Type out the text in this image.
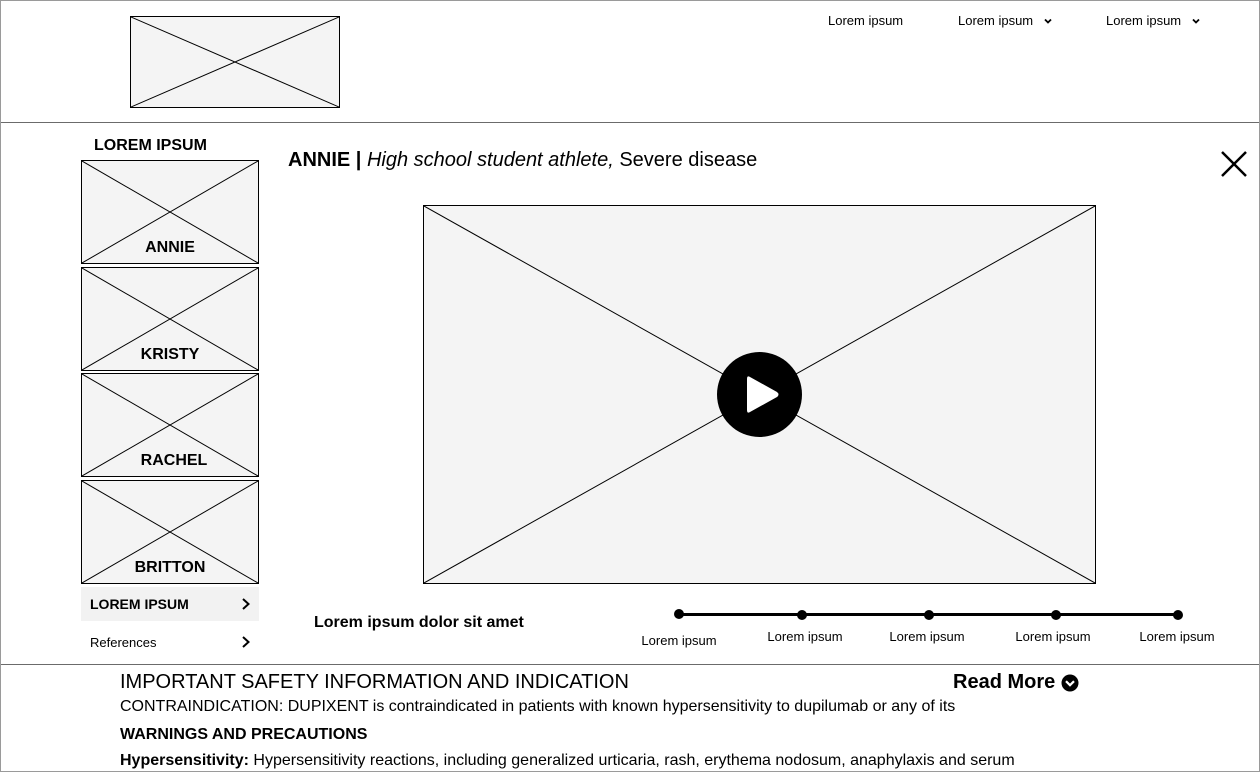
Lorem ipsum	Lorem ipsum	Lorem ipsum
LOREM IPSUM
ANNIE
KRISTY
RACHEL
BRITTON
LOREM IPSUM
References
ANNIE | High school student athlete, Severe disease
Lorem ipsum dolor sit amet
Lorem ipsum	Lorem ipsum	Lorem ipsum	Lorem ipsum	Lorem ipsum
IMPORTANT SAFETY INFORMATION AND INDICATION	Read More
CONTRAINDICATION: DUPIXENT is contraindicated in patients with known hypersensitivity to dupilumab or any of its
WARNINGS AND PRECAUTIONS
Hypersensitivity: Hypersensitivity reactions, including generalized urticaria, rash, erythema nodosum, anaphylaxis and serum
